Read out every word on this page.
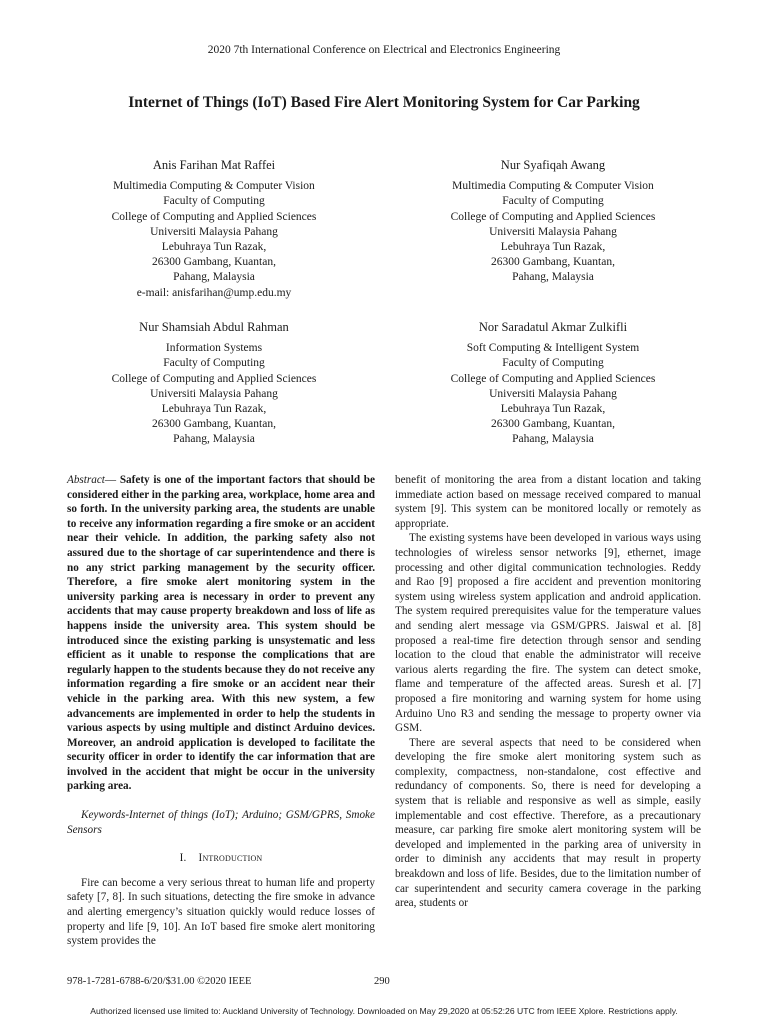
2020 7th International Conference on Electrical and Electronics Engineering
Internet of Things (IoT) Based Fire Alert Monitoring System for Car Parking
Anis Farihan Mat Raffei
Multimedia Computing & Computer Vision
Faculty of Computing
College of Computing and Applied Sciences
Universiti Malaysia Pahang
Lebuhraya Tun Razak,
26300 Gambang, Kuantan,
Pahang, Malaysia
e-mail: anisfarihan@ump.edu.my
Nur Syafiqah Awang
Multimedia Computing & Computer Vision
Faculty of Computing
College of Computing and Applied Sciences
Universiti Malaysia Pahang
Lebuhraya Tun Razak,
26300 Gambang, Kuantan,
Pahang, Malaysia
Nur Shamsiah Abdul Rahman
Information Systems
Faculty of Computing
College of Computing and Applied Sciences
Universiti Malaysia Pahang
Lebuhraya Tun Razak,
26300 Gambang, Kuantan,
Pahang, Malaysia
Nor Saradatul Akmar Zulkifli
Soft Computing & Intelligent System
Faculty of Computing
College of Computing and Applied Sciences
Universiti Malaysia Pahang
Lebuhraya Tun Razak,
26300 Gambang, Kuantan,
Pahang, Malaysia

Abstract— Safety is one of the important factors that should be considered either in the parking area, workplace, home area and so forth. In the university parking area, the students are unable to receive any information regarding a fire smoke or an accident near their vehicle. In addition, the parking safety also not assured due to the shortage of car superintendence and there is no any strict parking management by the security officer. Therefore, a fire smoke alert monitoring system in the university parking area is necessary in order to prevent any accidents that may cause property breakdown and loss of life as happens inside the university area. This system should be introduced since the existing parking is unsystematic and less efficient as it unable to response the complications that are regularly happen to the students because they do not receive any information regarding a fire smoke or an accident near their vehicle in the parking area. With this new system, a few advancements are implemented in order to help the students in various aspects by using multiple and distinct Arduino devices. Moreover, an android application is developed to facilitate the security officer in order to identify the car information that are involved in the accident that might be occur in the university parking area.

Keywords-Internet of things (IoT); Arduino; GSM/GPRS, Smoke Sensors

I. Introduction

Fire can become a very serious threat to human life and property safety [7, 8]. In such situations, detecting the fire smoke in advance and alerting emergency’s situation quickly would reduce losses of property and life [9, 10]. An IoT based fire smoke alert monitoring system provides the

benefit of monitoring the area from a distant location and taking immediate action based on message received compared to manual system [9]. This system can be monitored locally or remotely as appropriate.

The existing systems have been developed in various ways using technologies of wireless sensor networks [9], ethernet, image processing and other digital communication technologies. Reddy and Rao [9] proposed a fire accident and prevention monitoring system using wireless system application and android application. The system required prerequisites value for the temperature values and sending alert message via GSM/GPRS. Jaiswal et al. [8] proposed a real-time fire detection through sensor and sending location to the cloud that enable the administrator will receive various alerts regarding the fire. The system can detect smoke, flame and temperature of the affected areas. Suresh et al. [7] proposed a fire monitoring and warning system for home using Arduino Uno R3 and sending the message to property owner via GSM.

There are several aspects that need to be considered when developing the fire smoke alert monitoring system such as complexity, compactness, non-standalone, cost effective and redundancy of components. So, there is need for developing a system that is reliable and responsive as well as simple, easily implementable and cost effective. Therefore, as a precautionary measure, car parking fire smoke alert monitoring system will be developed and implemented in the parking area of university in order to diminish any accidents that may result in property breakdown and loss of life. Besides, due to the limitation number of car superintendent and security camera coverage in the parking area, students or

978-1-7281-6788-6/20/$31.00 ©2020 IEEE	290
Authorized licensed use limited to: Auckland University of Technology. Downloaded on May 29,2020 at 05:52:26 UTC from IEEE Xplore. Restrictions apply.
